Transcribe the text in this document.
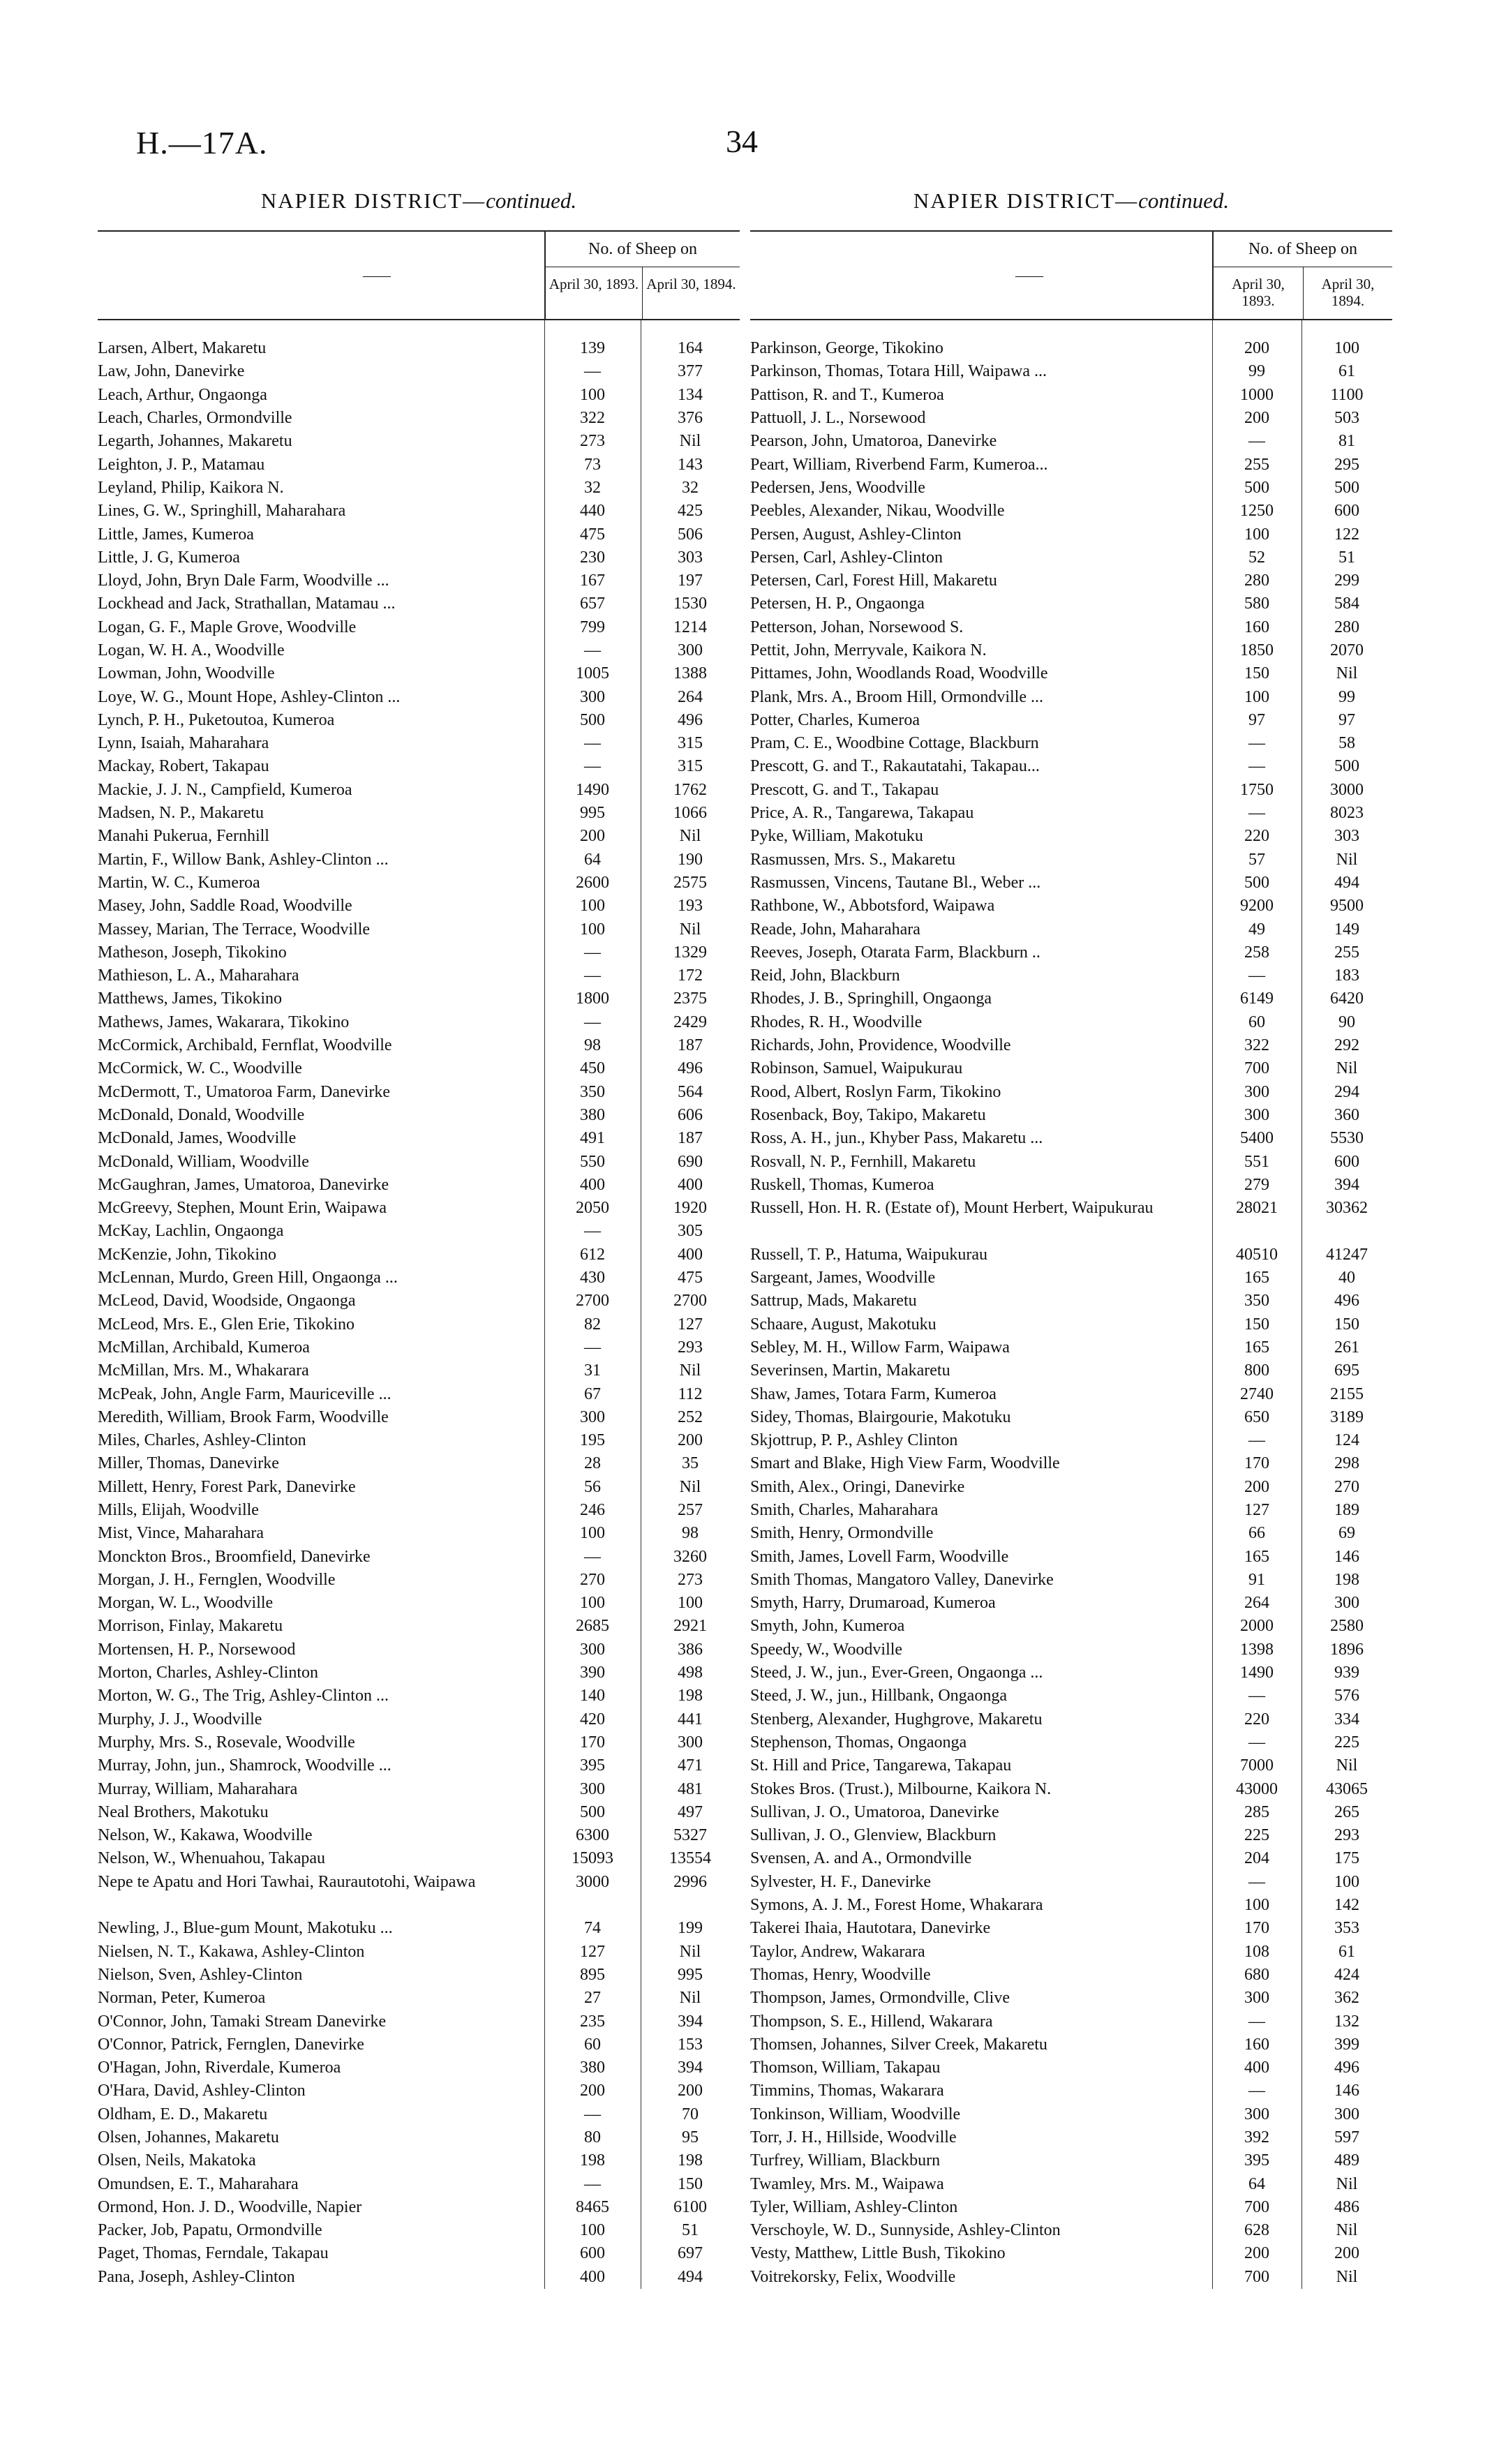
H.—17A.	34
NAPIER DISTRICT—continued.
——
No. of Sheep on
April 30, 1893. April 30, 1894.
Larsen, Albert, Makaretu	139	164
Law, John, Danevirke	—	377
Leach, Arthur, Ongaonga	100	134
Leach, Charles, Ormondville	322	376
Legarth, Johannes, Makaretu	273	Nil
Leighton, J. P., Matamau	73	143
Leyland, Philip, Kaikora N.	32	32
Lines, G. W., Springhill, Maharahara	440	425
Little, James, Kumeroa	475	506
Little, J. G, Kumeroa	230	303
Lloyd, John, Bryn Dale Farm, Woodville ...	167	197
Lockhead and Jack, Strathallan, Matamau ...	657	1530
Logan, G. F., Maple Grove, Woodville	799	1214
Logan, W. H. A., Woodville	—	300
Lowman, John, Woodville	1005	1388
Loye, W. G., Mount Hope, Ashley-Clinton ...	300	264
Lynch, P. H., Puketoutoa, Kumeroa	500	496
Lynn, Isaiah, Maharahara	—	315
Mackay, Robert, Takapau	—	315
Mackie, J. J. N., Campfield, Kumeroa	1490	1762
Madsen, N. P., Makaretu	995	1066
Manahi Pukerua, Fernhill	200	Nil
Martin, F., Willow Bank, Ashley-Clinton ...	64	190
Martin, W. C., Kumeroa	2600	2575
Masey, John, Saddle Road, Woodville	100	193
Massey, Marian, The Terrace, Woodville	100	Nil
Matheson, Joseph, Tikokino	—	1329
Mathieson, L. A., Maharahara	—	172
Matthews, James, Tikokino	1800	2375
Mathews, James, Wakarara, Tikokino	—	2429
McCormick, Archibald, Fernflat, Woodville	98	187
McCormick, W. C., Woodville	450	496
McDermott, T., Umatoroa Farm, Danevirke	350	564
McDonald, Donald, Woodville	380	606
McDonald, James, Woodville	491	187
McDonald, William, Woodville	550	690
McGaughran, James, Umatoroa, Danevirke	400	400
McGreevy, Stephen, Mount Erin, Waipawa	2050	1920
McKay, Lachlin, Ongaonga	—	305
McKenzie, John, Tikokino	612	400
McLennan, Murdo, Green Hill, Ongaonga ...	430	475
McLeod, David, Woodside, Ongaonga	2700	2700
McLeod, Mrs. E., Glen Erie, Tikokino	82	127
McMillan, Archibald, Kumeroa	—	293
McMillan, Mrs. M., Whakarara	31	Nil
McPeak, John, Angle Farm, Mauriceville ...	67	112
Meredith, William, Brook Farm, Woodville	300	252
Miles, Charles, Ashley-Clinton	195	200
Miller, Thomas, Danevirke	28	35
Millett, Henry, Forest Park, Danevirke	56	Nil
Mills, Elijah, Woodville	246	257
Mist, Vince, Maharahara	100	98
Monckton Bros., Broomfield, Danevirke	—	3260
Morgan, J. H., Fernglen, Woodville	270	273
Morgan, W. L., Woodville	100	100
Morrison, Finlay, Makaretu	2685	2921
Mortensen, H. P., Norsewood	300	386
Morton, Charles, Ashley-Clinton	390	498
Morton, W. G., The Trig, Ashley-Clinton ...	140	198
Murphy, J. J., Woodville	420	441
Murphy, Mrs. S., Rosevale, Woodville	170	300
Murray, John, jun., Shamrock, Woodville ...	395	471
Murray, William, Maharahara	300	481
Neal Brothers, Makotuku	500	497
Nelson, W., Kakawa, Woodville	6300	5327
Nelson, W., Whenuahou, Takapau	15093	13554
Nepe te Apatu and Hori Tawhai, Raurautotohi, Waipawa	3000	2996
Newling, J., Blue-gum Mount, Makotuku ...	74	199
Nielsen, N. T., Kakawa, Ashley-Clinton	127	Nil
Nielson, Sven, Ashley-Clinton	895	995
Norman, Peter, Kumeroa	27	Nil
O'Connor, John, Tamaki Stream Danevirke	235	394
O'Connor, Patrick, Fernglen, Danevirke	60	153
O'Hagan, John, Riverdale, Kumeroa	380	394
O'Hara, David, Ashley-Clinton	200	200
Oldham, E. D., Makaretu	—	70
Olsen, Johannes, Makaretu	80	95
Olsen, Neils, Makatoka	198	198
Omundsen, E. T., Maharahara	—	150
Ormond, Hon. J. D., Woodville, Napier	8465	6100
Packer, Job, Papatu, Ormondville	100	51
Paget, Thomas, Ferndale, Takapau	600	697
Pana, Joseph, Ashley-Clinton	400	494
NAPIER DISTRICT—continued.
——
No. of Sheep on
April 30, 1893.
April 30, 1894.
Parkinson, George, Tikokino	200	100
Parkinson, Thomas, Totara Hill, Waipawa ...	99	61
Pattison, R. and T., Kumeroa	1000	1100
Pattuoll, J. L., Norsewood	200	503
Pearson, John, Umatoroa, Danevirke	—	81
Peart, William, Riverbend Farm, Kumeroa...	255	295
Pedersen, Jens, Woodville	500	500
Peebles, Alexander, Nikau, Woodville	1250	600
Persen, August, Ashley-Clinton	100	122
Persen, Carl, Ashley-Clinton	52	51
Petersen, Carl, Forest Hill, Makaretu	280	299
Petersen, H. P., Ongaonga	580	584
Petterson, Johan, Norsewood S.	160	280
Pettit, John, Merryvale, Kaikora N.	1850	2070
Pittames, John, Woodlands Road, Woodville	150	Nil
Plank, Mrs. A., Broom Hill, Ormondville ...	100	99
Potter, Charles, Kumeroa	97	97
Pram, C. E., Woodbine Cottage, Blackburn	—	58
Prescott, G. and T., Rakautatahi, Takapau...	—	500
Prescott, G. and T., Takapau	1750	3000
Price, A. R., Tangarewa, Takapau	—	8023
Pyke, William, Makotuku	220	303
Rasmussen, Mrs. S., Makaretu	57	Nil
Rasmussen, Vincens, Tautane Bl., Weber ...	500	494
Rathbone, W., Abbotsford, Waipawa	9200	9500
Reade, John, Maharahara	49	149
Reeves, Joseph, Otarata Farm, Blackburn ..	258	255
Reid, John, Blackburn	—	183
Rhodes, J. B., Springhill, Ongaonga	6149	6420
Rhodes, R. H., Woodville	60	90
Richards, John, Providence, Woodville	322	292
Robinson, Samuel, Waipukurau	700	Nil
Rood, Albert, Roslyn Farm, Tikokino	300	294
Rosenback, Boy, Takipo, Makaretu	300	360
Ross, A. H., jun., Khyber Pass, Makaretu ...	5400	5530
Rosvall, N. P., Fernhill, Makaretu	551	600
Ruskell, Thomas, Kumeroa	279	394
Russell, Hon. H. R. (Estate of), Mount Herbert, Waipukurau	28021	30362
Russell, T. P., Hatuma, Waipukurau	40510	41247
Sargeant, James, Woodville	165	40
Sattrup, Mads, Makaretu	350	496
Schaare, August, Makotuku	150	150
Sebley, M. H., Willow Farm, Waipawa	165	261
Severinsen, Martin, Makaretu	800	695
Shaw, James, Totara Farm, Kumeroa	2740	2155
Sidey, Thomas, Blairgourie, Makotuku	650	3189
Skjottrup, P. P., Ashley Clinton	—	124
Smart and Blake, High View Farm, Woodville	170	298
Smith, Alex., Oringi, Danevirke	200	270
Smith, Charles, Maharahara	127	189
Smith, Henry, Ormondville	66	69
Smith, James, Lovell Farm, Woodville	165	146
Smith Thomas, Mangatoro Valley, Danevirke	91	198
Smyth, Harry, Drumaroad, Kumeroa	264	300
Smyth, John, Kumeroa	2000	2580
Speedy, W., Woodville	1398	1896
Steed, J. W., jun., Ever-Green, Ongaonga ...	1490	939
Steed, J. W., jun., Hillbank, Ongaonga	—	576
Stenberg, Alexander, Hughgrove, Makaretu	220	334
Stephenson, Thomas, Ongaonga	—	225
St. Hill and Price, Tangarewa, Takapau	7000	Nil
Stokes Bros. (Trust.), Milbourne, Kaikora N.	43000	43065
Sullivan, J. O., Umatoroa, Danevirke	285	265
Sullivan, J. O., Glenview, Blackburn	225	293
Svensen, A. and A., Ormondville	204	175
Sylvester, H. F., Danevirke	—	100
Symons, A. J. M., Forest Home, Whakarara	100	142
Takerei Ihaia, Hautotara, Danevirke	170	353
Taylor, Andrew, Wakarara	108	61
Thomas, Henry, Woodville	680	424
Thompson, James, Ormondville, Clive	300	362
Thompson, S. E., Hillend, Wakarara	—	132
Thomsen, Johannes, Silver Creek, Makaretu	160	399
Thomson, William, Takapau	400	496
Timmins, Thomas, Wakarara	—	146
Tonkinson, William, Woodville	300	300
Torr, J. H., Hillside, Woodville	392	597
Turfrey, William, Blackburn	395	489
Twamley, Mrs. M., Waipawa	64	Nil
Tyler, William, Ashley-Clinton	700	486
Verschoyle, W. D., Sunnyside, Ashley-Clinton	628	Nil
Vesty, Matthew, Little Bush, Tikokino	200	200
Voitrekorsky, Felix, Woodville	700	Nil
